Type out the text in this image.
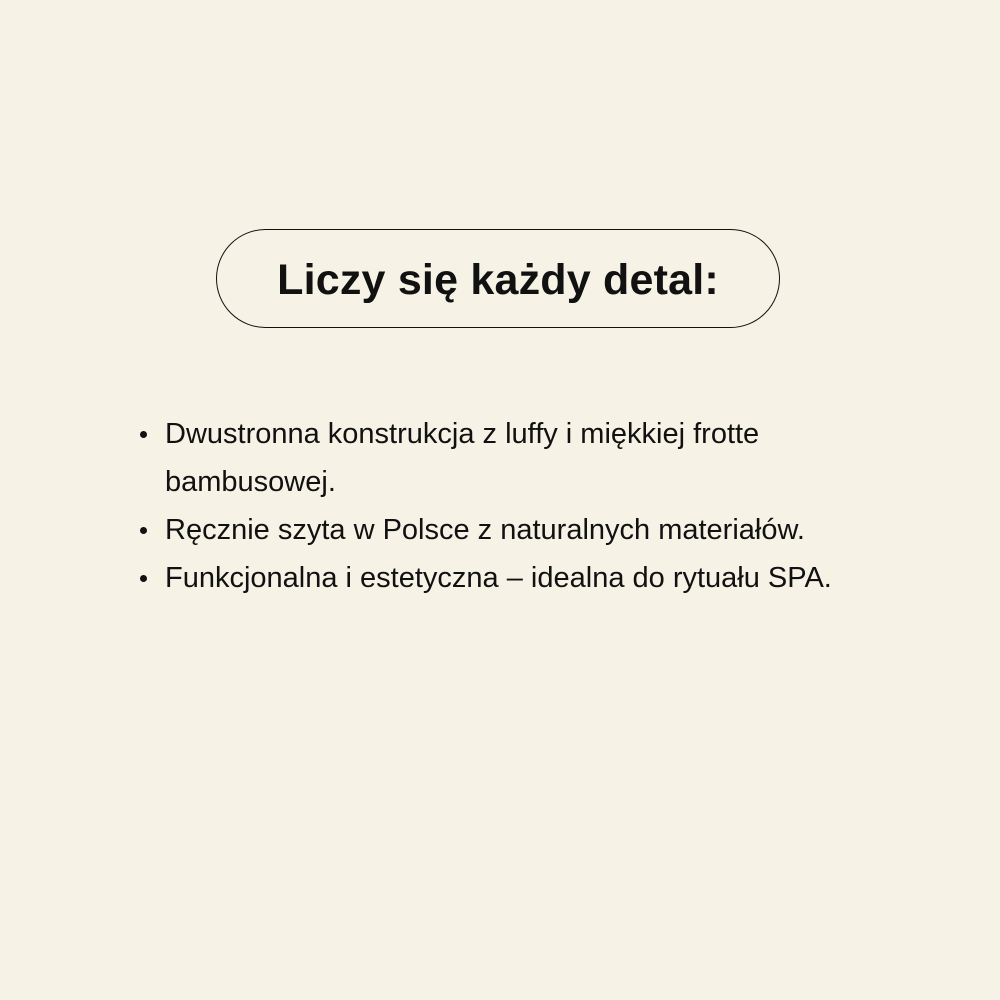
Liczy się każdy detal:
Dwustronna konstrukcja z luffy i miękkiej frotte bambusowej.
Ręcznie szyta w Polsce z naturalnych materiałów.
Funkcjonalna i estetyczna – idealna do rytuału SPA.
